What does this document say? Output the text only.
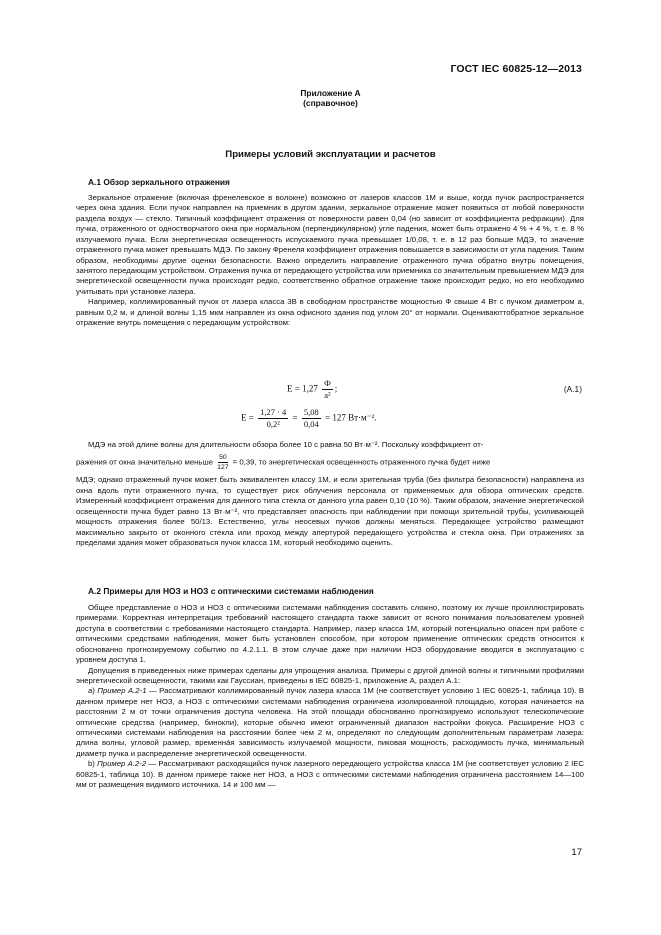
ГОСТ IEC 60825-12—2013
Приложение А
(справочное)
Примеры условий эксплуатации и расчетов
А.1 Обзор зеркального отражения

Зеркальное отражение (включая френелевское в волокне) возможно от лазеров классов 1М и выше, когда пучок распространяется через окна здания. Если пучок направлен на приемник в другом здании, зеркальное отражение может появиться от любой поверхности раздела воздух — стекло. Типичный коэффициент отражения от поверхности равен 0,04 (но зависит от коэффициента рефракции). Для пучка, отраженного от одностворчатого окна при нормальном (перпендикулярном) угле падения, может быть отражено 4 % + 4 %, т. е. 8 % излучаемого пучка. Если энергетическая освещенность испускаемого пучка превышает 1/0,08, т. е. в 12 раз больше МДЭ, то значение отраженного пучка может превышать МДЭ. По закону Френеля коэффициент отражения повышается в зависимости от угла падения. Таким образом, необходимы другие оценки безопасности. Важно определить направление отраженного пучка обратно внутрь помещения, занятого передающим устройством. Отражения пучка от передающего устройства или приемника со значительным превышением МДЭ для энергетической освещенности пучка происходят редко, соответственно обратное отражение также происходит редко, но его необходимо учитывать при установке лазера.

Например, коллимированный пучок от лазера класса 3В в свободном пространстве мощностью Ф свыше 4 Вт с пучком диаметром a, равным 0,2 м, и длиной волны 1,15 мкм направлен из окна офисного здания под углом 20° от нормали. Оцениваюттобратное зеркальное отражение внутрь помещения с передающим устройством:

$E = 1,27 \frac{Ф}{\text{a²}}$ ;	(А.1)
$E = \frac{1,27 \cdot 4}{\text{0,2²}} = \frac{5,08}{0,04} = 127$ Вт·м⁻².

МДЭ на этой длине волны для длительности обзора более 10 с равна 50 Вт·м⁻². Поскольку коэффициент от-

ражения от окна значительно меньше $\frac{50}{127} = 0,39$, то энергетическая освещенность отраженного пучка будет ниже

МДЭ; однако отраженный пучок может быть эквивалентен классу 1М, и если зрительная труба (без фильтра безопасности) направлена из окна вдоль пути отраженного пучка, то существует риск облучения персонала от применяемых для обзора оптических средств. Измеренный коэффициент отражения для данного типа стекла от данного угла равен 0,10 (10 %). Таким образом, значение энергетической освещенности пучка будет равно 13 Вт·м⁻², что представляет опасность при наблюдении при помощи зрительной трубы, усиливающей мощность отражения более 50/13. Естественно, углы неосевых пучков должны меняться. Передающее устройство размещают максимально закрыто от оконного стекла или проход между апертурой передающего устройства и стекла окна. При отражениях за пределами здания может образоваться пучок класса 1М, который необходимо оценить.

А.2 Примеры для НОЗ и НОЗ с оптическими системами наблюдения

Общее представление о НОЗ и НОЗ с оптическими системами наблюдения составить сложно, поэтому их лучше проиллюстрировать примерами. Корректная интерпретация требований настоящего стандарта также зависит от ясного понимания пользователем уровней доступа в соответствии с требованиями настоящего стандарта. Например, лазер класса 1М, который потенциально опасен при работе с оптическими средствами наблюдения, может быть установлен способом, при котором применение оптических средств относится к обоснованно прогнозируемому событию по 4.2.1.1. В этом случае даже при наличии НОЗ оборудование вводится в эксплуатацию с уровнем доступа 1.

Допущения в приведенных ниже примерах сделаны для упрощения анализа. Примеры с другой длиной волны и типичными профилями энергетической освещенности, такими как Гауссиан, приведены в IEC 60825-1, приложение А, раздел А.1:

а) Пример А.2-1 — Рассматривают коллимированный пучок лазера класса 1М (не соответствует условию 1 IEC 60825-1, таблица 10). В данном примере нет НОЗ, а НОЗ с оптическими системами наблюдения ограничена изолированной площадью, которая начинается на расстоянии 2 м от точки ограничения доступа человека. На этой площади обоснованно прогнозируемо используют телескопические оптические средства (например, бинокли), которые обычно имеют ограниченный диапазон настройки фокуса. Расширение НОЗ с оптическими системами наблюдения на расстоянии более чем 2 м, определяют по следующим дополнительным параметрам лазера: длина волны, угловой размер, временна́я зависимость излучаемой мощности, пиковая мощность, расходимость пучка, минимальный диаметр пучка и распределение энергетической освещенности.

b) Пример А.2-2 — Рассматривают расходящийся пучок лазерного передающего устройства класса 1М (не соответствует условию 2 IEC 60825-1, таблица 10). В данном примере также нет НОЗ, а НОЗ с оптическими системами наблюдения ограничена расстоянием 14—100 мм от размещения видимого источника. 14 и 100 мм —

17
